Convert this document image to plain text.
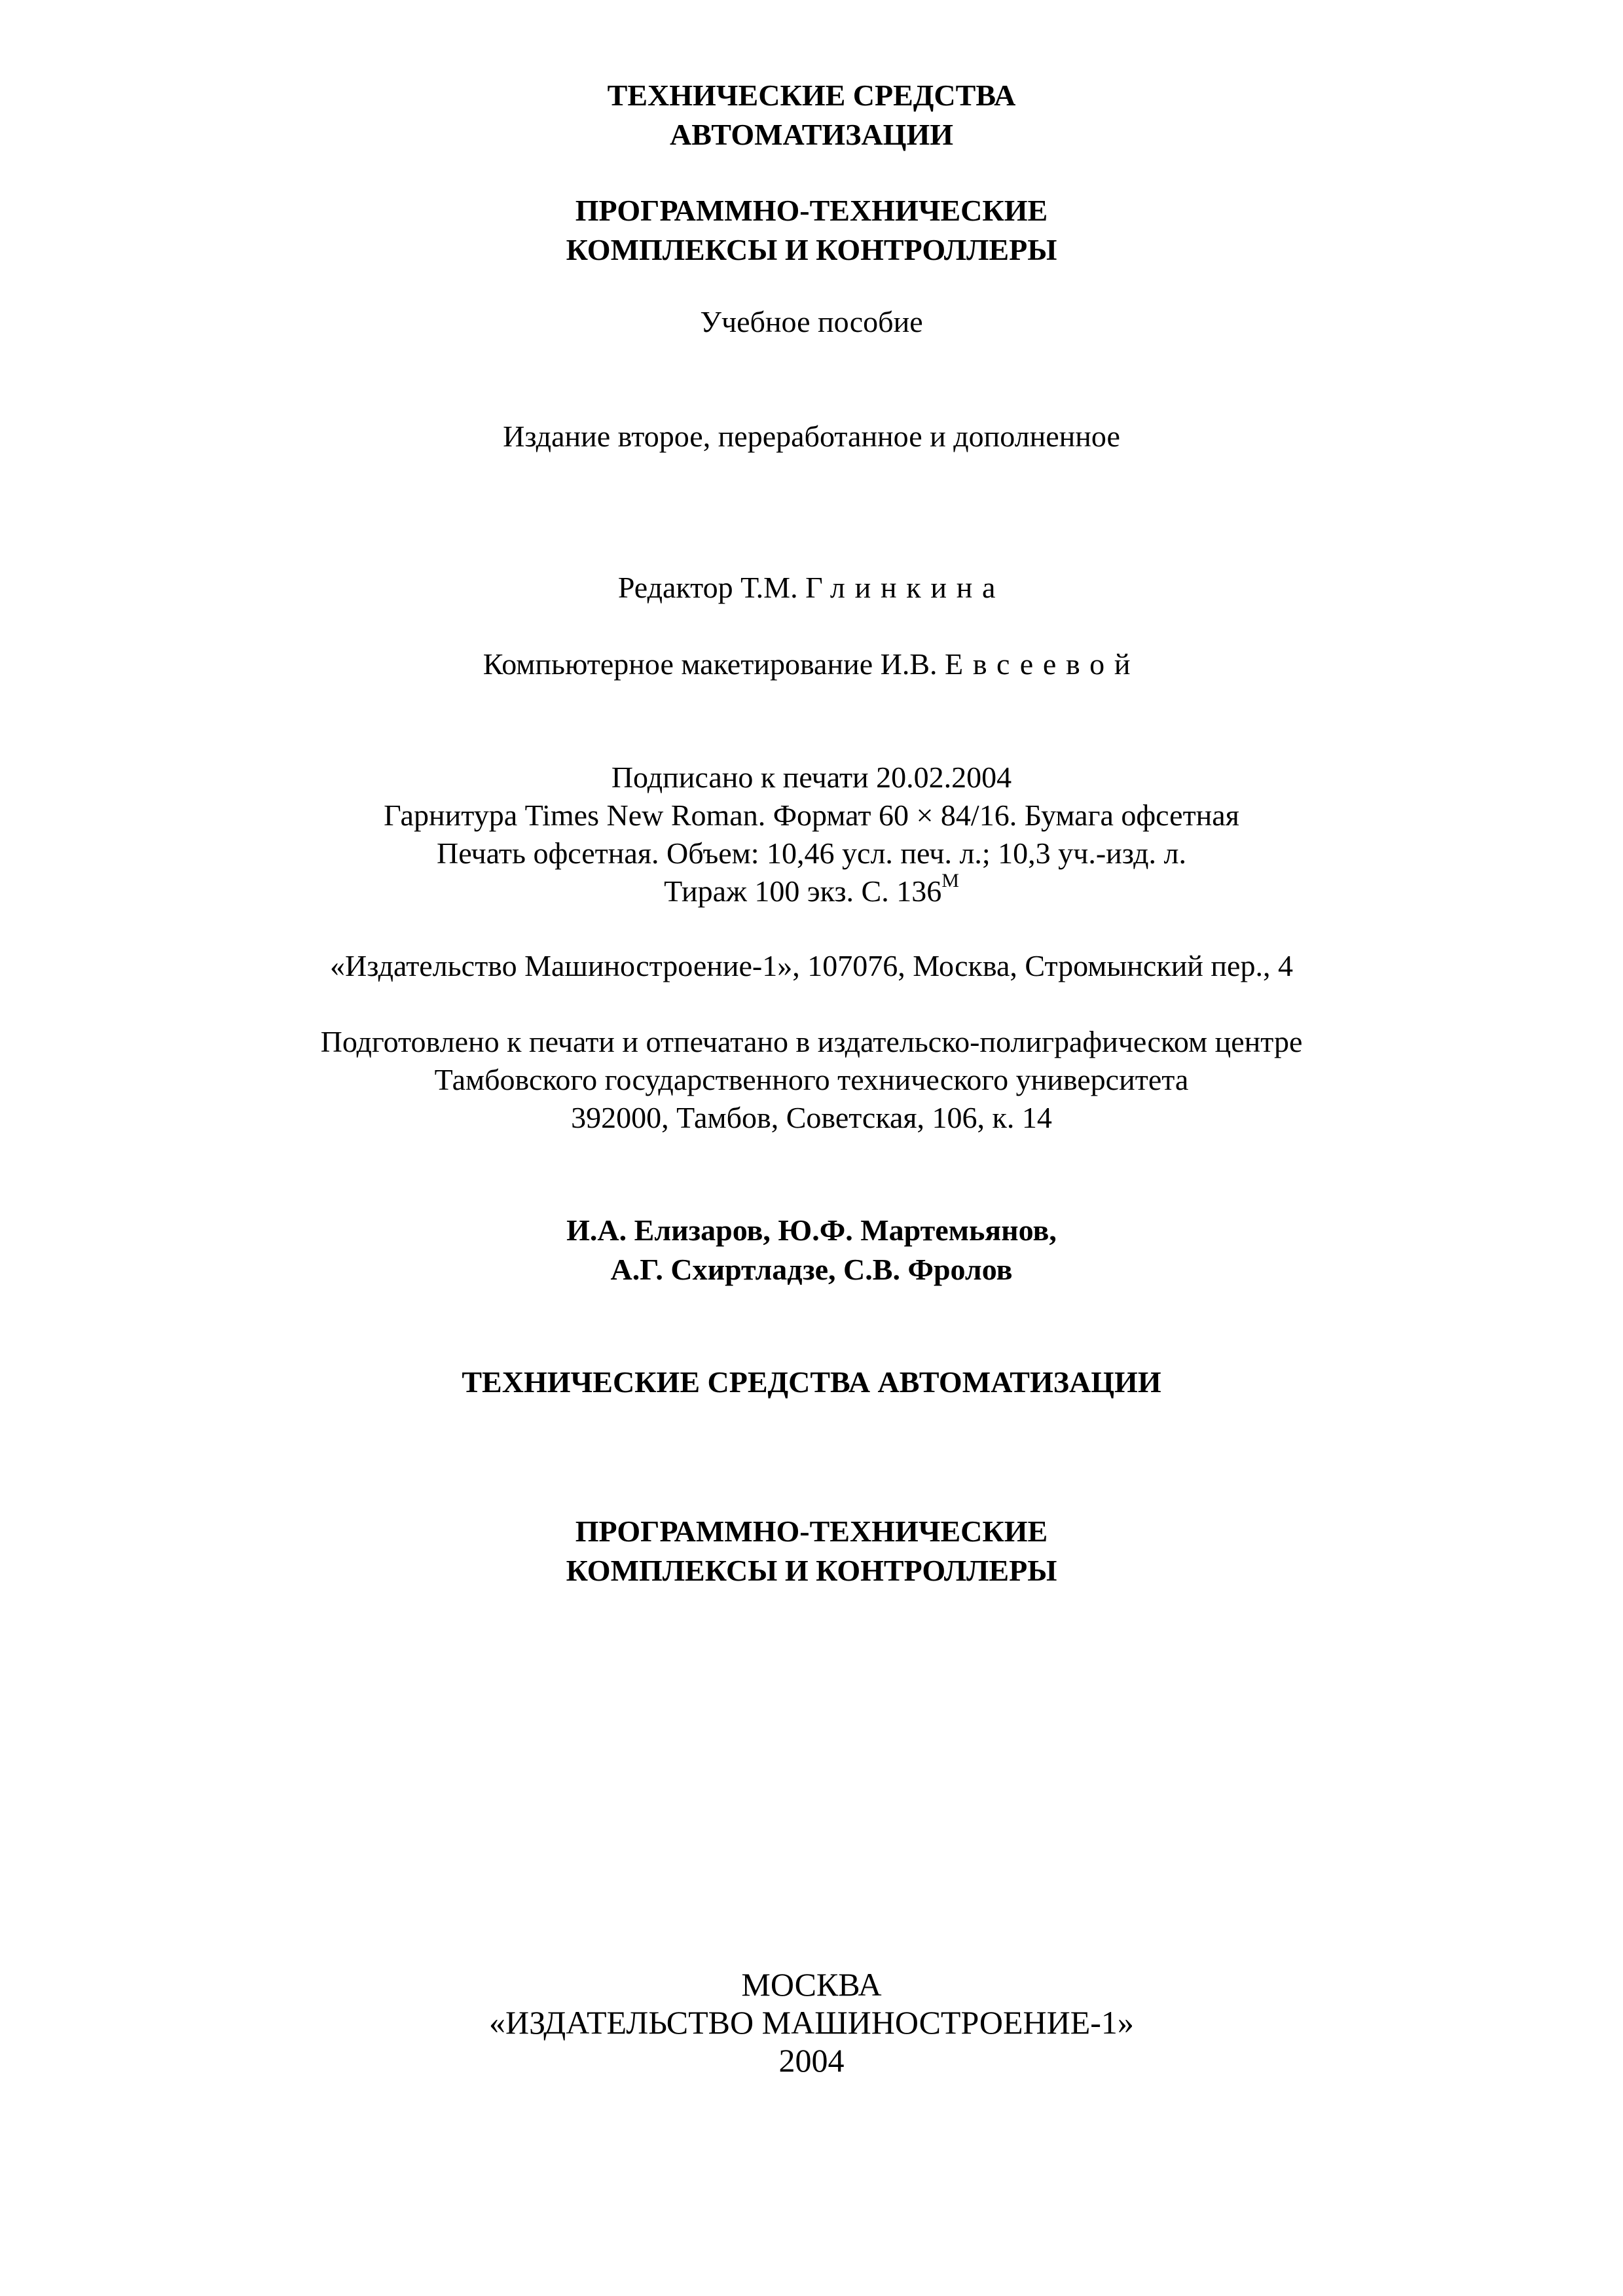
ТЕХНИЧЕСКИЕ СРЕДСТВА
АВТОМАТИЗАЦИИ
ПРОГРАММНО-ТЕХНИЧЕСКИЕ
КОМПЛЕКСЫ И КОНТРОЛЛЕРЫ
Учебное пособие
Издание второе, переработанное и дополненное
Редактор Т.М. Глинкина
Компьютерное макетирование И.В. Евсеевой
Подписано к печати 20.02.2004
Гарнитура Times New Roman. Формат 60 × 84/16. Бумага офсетная
Печать офсетная. Объем: 10,46 усл. печ. л.; 10,3 уч.-изд. л.
Тираж 100 экз. С. $136^М$
«Издательство Машиностроение-1», 107076, Москва, Стромынский пер., 4
Подготовлено к печати и отпечатано в издательско-полиграфическом центре
Тамбовского государственного технического университета
392000, Тамбов, Советская, 106, к. 14
И.А. Елизаров, Ю.Ф. Мартемьянов,
А.Г. Схиртладзе, С.В. Фролов
ТЕХНИЧЕСКИЕ СРЕДСТВА АВТОМАТИЗАЦИИ
ПРОГРАММНО-ТЕХНИЧЕСКИЕ
КОМПЛЕКСЫ И КОНТРОЛЛЕРЫ
МОСКВА
«ИЗДАТЕЛЬСТВО МАШИНОСТРОЕНИЕ-1»
2004
